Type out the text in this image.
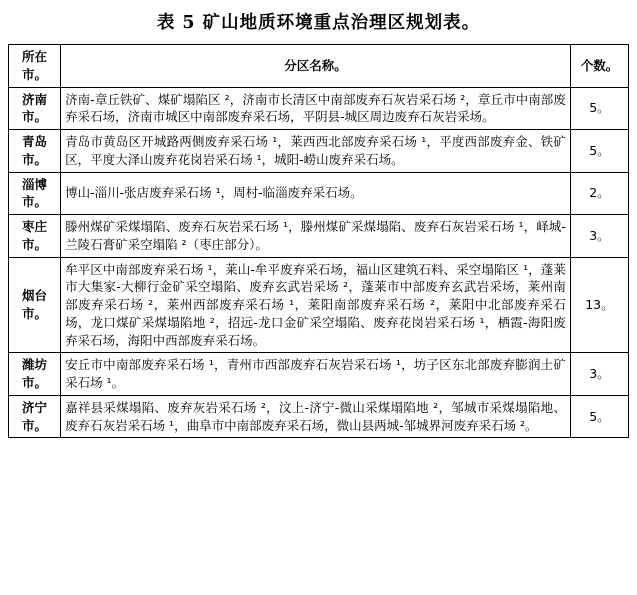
表 5 矿山地质环境重点治理区规划表。
所在
市。	分区名称。	个数。

济南
市。	济南-章丘铁矿、煤矿塌陷区 ²，济南市长清区中南部废弃石灰岩采石场 ²，章丘市中南部废弃采石场，济南市城区中南部废弃采石场，平阴县-城区周边废弃石灰岩采场。	5。

青岛
市。	青岛市黄岛区开城路两侧废弃采石场 ¹，莱西西北部废弃采石场 ¹，平度西部废弃金、铁矿区，平度大泽山废弃花岗岩采石场 ¹，城阳-崂山废弃采石场。	5。

淄博
市。	博山-淄川-张店废弃采石场 ¹，周村-临淄废弃采石场。	2。

枣庄
市。	滕州煤矿采煤塌陷、废弃石灰岩采石场 ¹，滕州煤矿采煤塌陷、废弃石灰岩采石场 ¹，峄城-兰陵石膏矿采空塌陷 ²（枣庄部分）。	3。

烟台
市。	牟平区中南部废弃采石场 ¹，莱山-牟平废弃采石场，福山区建筑石料、采空塌陷区 ¹，蓬莱市大集家-大柳行金矿采空塌陷、废弃玄武岩采场 ²，蓬莱市中部废弃玄武岩采场，莱州南部废弃采石场 ²，莱州西部废弃采石场 ¹，莱阳南部废弃采石场 ²，莱阳中北部废弃采石场，龙口煤矿采煤塌陷地 ²，招远-龙口金矿采空塌陷、废弃花岗岩采石场 ¹，栖霞-海阳废弃采石场，海阳中西部废弃采石场。	13。

潍坊
市。	安丘市中南部废弃采石场 ¹，青州市西部废弃石灰岩采石场 ¹，坊子区东北部废弃膨润土矿采石场 ¹。	3。

济宁
市。	嘉祥县采煤塌陷、废弃灰岩采石场 ²，汶上-济宁-微山采煤塌陷地 ²，邹城市采煤塌陷地、废弃石灰岩采石场 ¹，曲阜市中南部废弃采石场，微山县两城-邹城界河废弃采石场 ²。	5。
